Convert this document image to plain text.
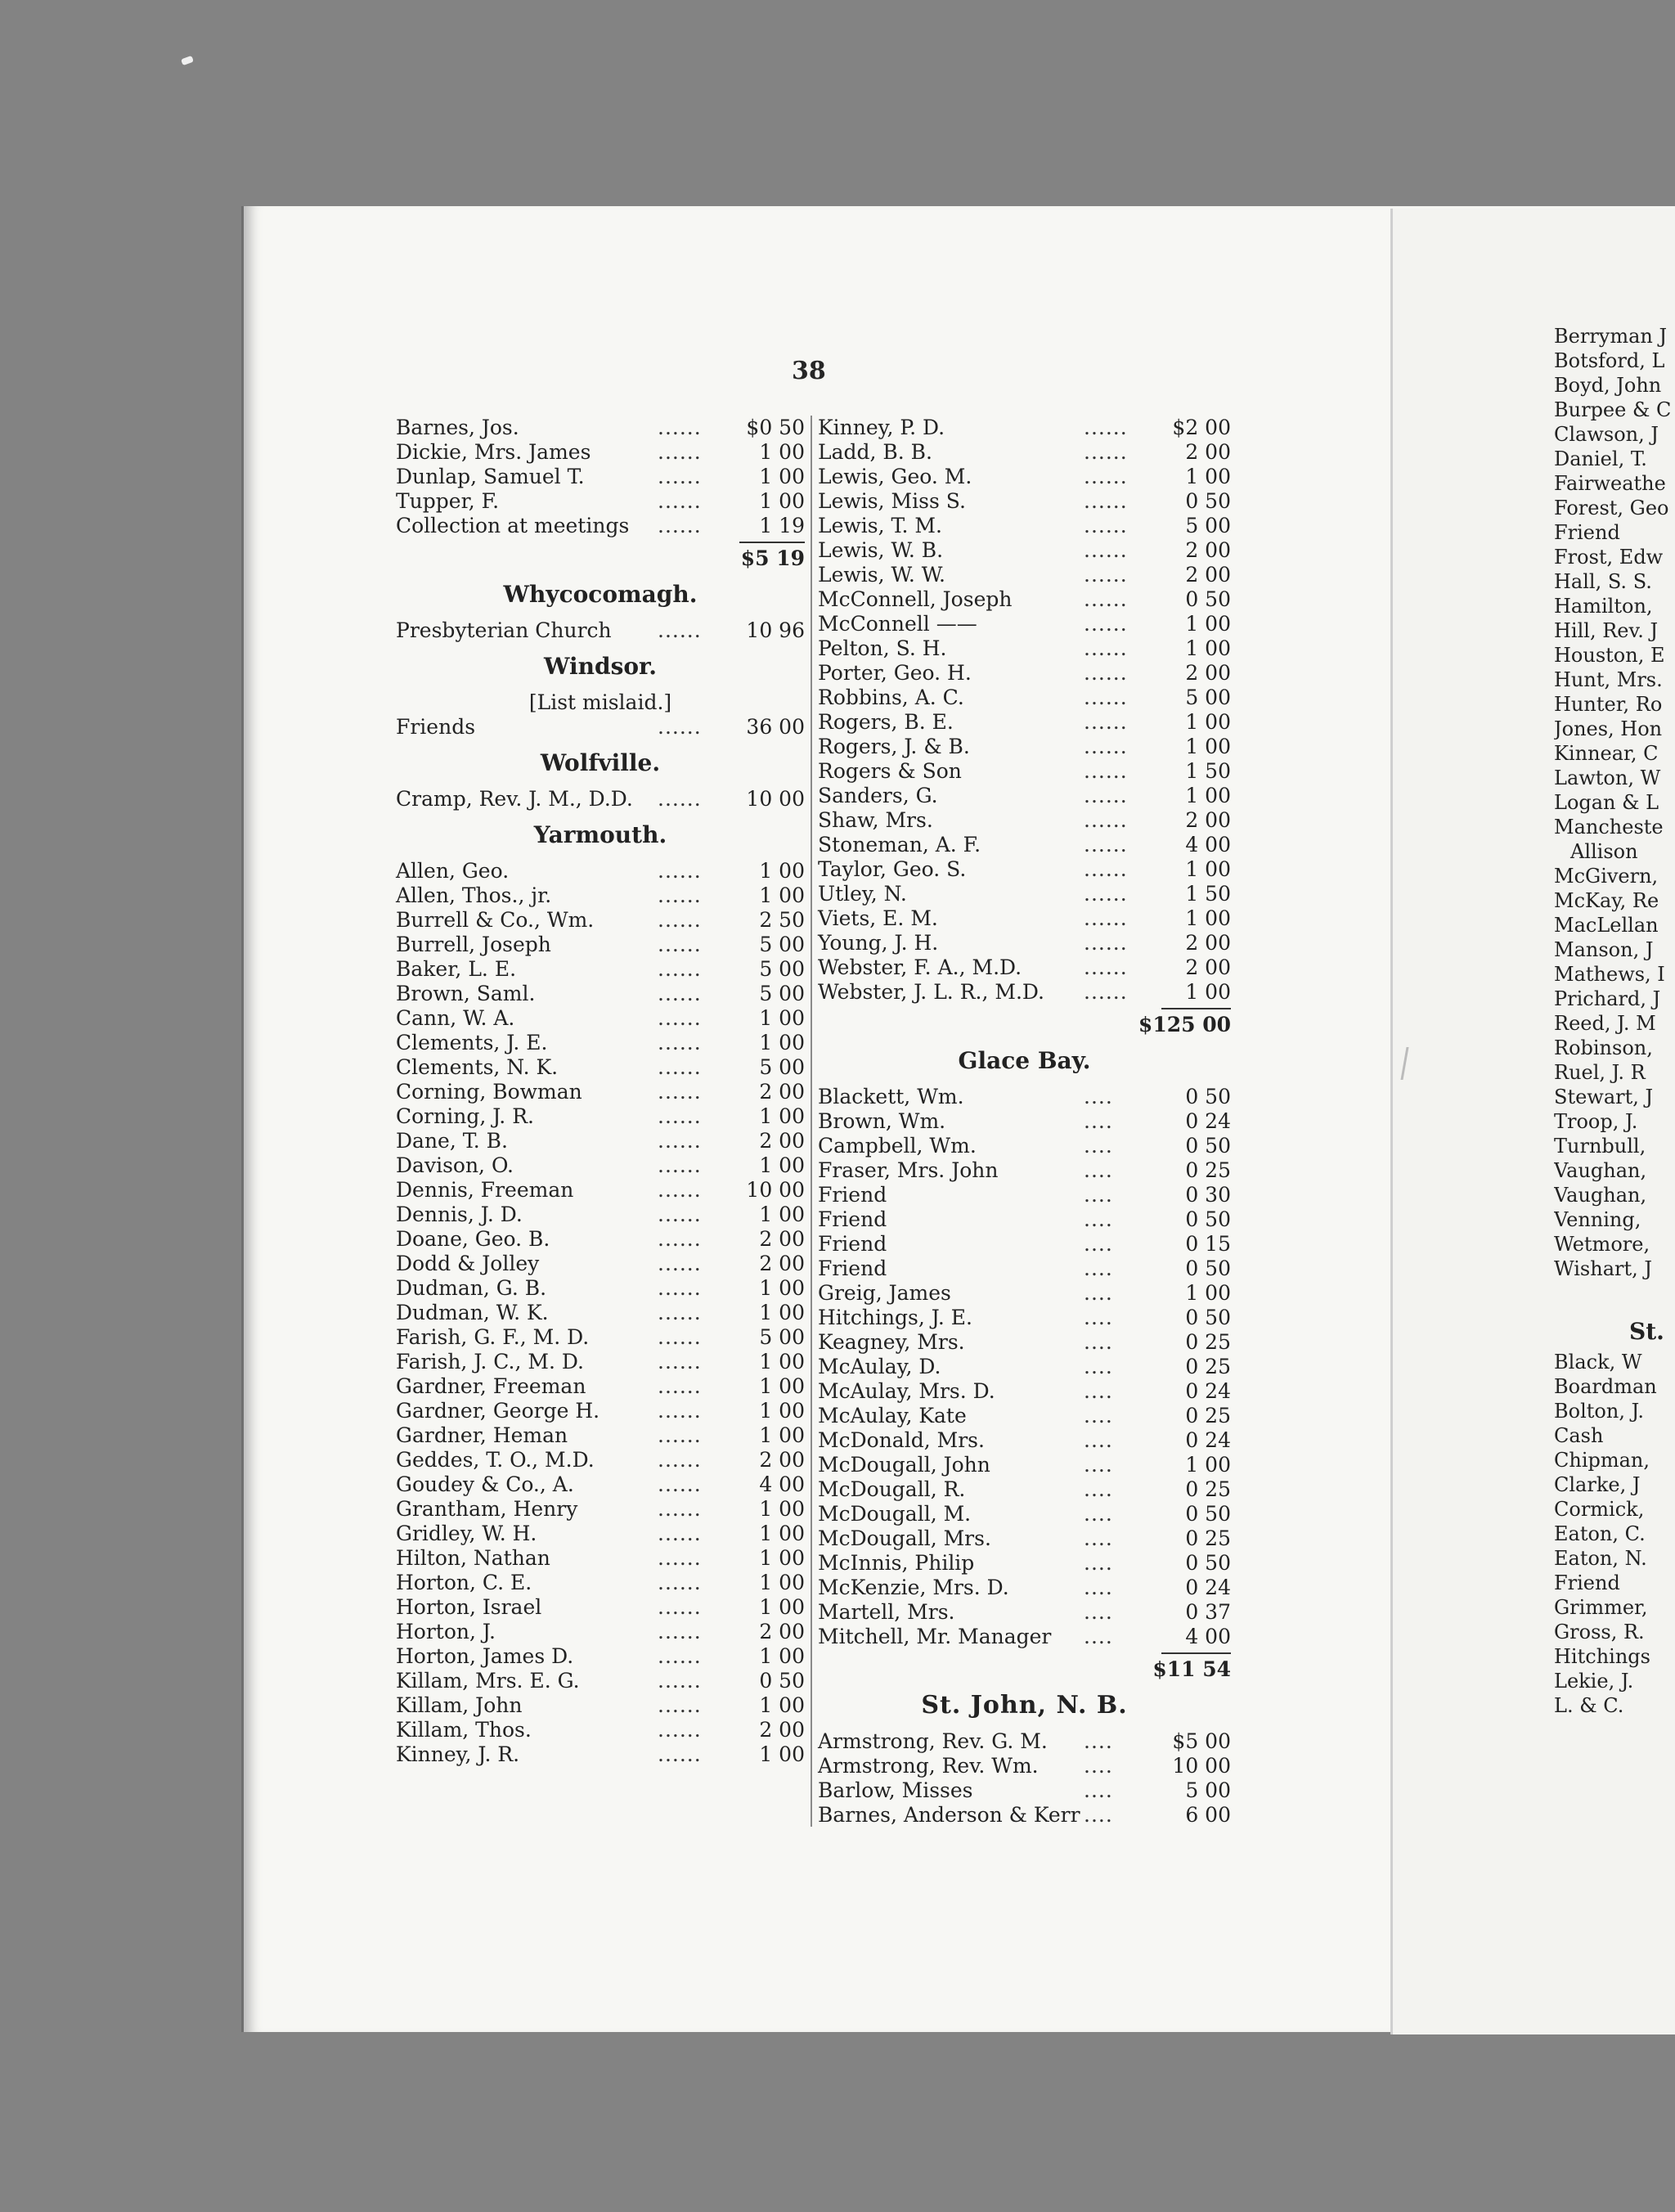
38
Barnes, Jos.	...... $0 50
Dickie, Mrs. James	......	1 00
Dunlap, Samuel T.	......	1 00
Tupper, F.	......	1 00
Collection at meetings ......	1 19
$5 19
Whycocomagh.
Presbyterian Church ...... 10 96
Windsor.
[List mislaid.]
Friends	...... 36 00
Wolfville.
Cramp, Rev. J. M., D.D. ...... 10 00
Yarmouth.
Allen, Geo.	......	1 00
Allen, Thos., jr.	......	1 00
Burrell & Co., Wm.	......	2 50
Burrell, Joseph	......	5 00
Baker, L. E.	......	5 00
Brown, Saml.	......	5 00
Cann, W. A.	......	1 00
Clements, J. E.	......	1 00
Clements, N. K.	......	5 00
Corning, Bowman	......	2 00
Corning, J. R.	......	1 00
Dane, T. B.	......	2 00
Davison, O.	......	1 00
Dennis, Freeman	...... 10 00
Dennis, J. D.	......	1 00
Doane, Geo. B.	......	2 00
Dodd & Jolley	......	2 00
Dudman, G. B.	......	1 00
Dudman, W. K.	......	1 00
Farish, G. F., M. D.	......	5 00
Farish, J. C., M. D.	......	1 00
Gardner, Freeman	......	1 00
Gardner, George H.	......	1 00
Gardner, Heman	......	1 00
Geddes, T. O., M.D.	......	2 00
Goudey & Co., A.	......	4 00
Grantham, Henry	......	1 00
Gridley, W. H.	......	1 00
Hilton, Nathan	......	1 00
Horton, C. E.	......	1 00
Horton, Israel	......	1 00
Horton, J.	......	2 00
Horton, James D.	......	1 00
Killam, Mrs. E. G.	......	0 50
Killam, John	......	1 00
Killam, Thos.	......	2 00
Kinney, J. R.	......	1 00
Kinney, P. D.	...... $2 00
Ladd, B. B.	......	2 00
Lewis, Geo. M.	......	1 00
Lewis, Miss S.	......	0 50
Lewis, T. M.	......	5 00
Lewis, W. B.	......	2 00
Lewis, W. W.	......	2 00
McConnell, Joseph	......	0 50
McConnell ——	......	1 00
Pelton, S. H.	......	1 00
Porter, Geo. H.	......	2 00
Robbins, A. C.	......	5 00
Rogers, B. E.	......	1 00
Rogers, J. & B.	......	1 00
Rogers & Son	......	1 50
Sanders, G.	......	1 00
Shaw, Mrs.	......	2 00
Stoneman, A. F.	......	4 00
Taylor, Geo. S.	......	1 00
Utley, N.	......	1 50
Viets, E. M.	......	1 00
Young, J. H.	......	2 00
Webster, F. A., M.D.	......	2 00
Webster, J. L. R., M.D. ......	1 00
$125 00
Glace Bay.
Blackett, Wm.	....	0 50
Brown, Wm.	....	0 24
Campbell, Wm.	....	0 50
Fraser, Mrs. John	....	0 25
Friend	....	0 30
Friend	....	0 50
Friend	....	0 15
Friend	....	0 50
Greig, James	....	1 00
Hitchings, J. E.	....	0 50
Keagney, Mrs.	....	0 25
McAulay, D.	....	0 25
McAulay, Mrs. D.	....	0 24
McAulay, Kate	....	0 25
McDonald, Mrs.	....	0 24
McDougall, John	....	1 00
McDougall, R.	....	0 25
McDougall, M.	....	0 50
McDougall, Mrs.	....	0 25
McInnis, Philip	....	0 50
McKenzie, Mrs. D.	....	0 24
Martell, Mrs.	....	0 37
Mitchell, Mr. Manager ....	4 00
$11 54
St. John, N. B.
Armstrong, Rev. G. M. ....	$5 00
Armstrong, Rev. Wm. ....	10 00
Barlow, Misses	....	5 00
Barnes, Anderson & Kerr ....	6 00
Berryman J
Botsford, L
Boyd, John
Burpee & C
Clawson, J
Daniel, T.
Fairweathe
Forest, Geo
Friend
Frost, Edw
Hall, S. S.
Hamilton,
Hill, Rev. J
Houston, E
Hunt, Mrs.
Hunter, Ro
Jones, Hon
Kinnear, C
Lawton, W
Logan & L
Mancheste
Allison
McGivern,
McKay, Re
MacLellan
Manson, J
Mathews, I
Prichard, J
Reed, J. M
Robinson,
Ruel, J. R
Stewart, J
Troop, J.
Turnbull,
Vaughan,
Vaughan,
Venning,
Wetmore,
Wishart, J
St.
Black, W
Boardman
Bolton, J.
Cash
Chipman,
Clarke, J
Cormick,
Eaton, C.
Eaton, N.
Friend
Grimmer,
Gross, R.
Hitchings
Lekie, J.
L. & C.
